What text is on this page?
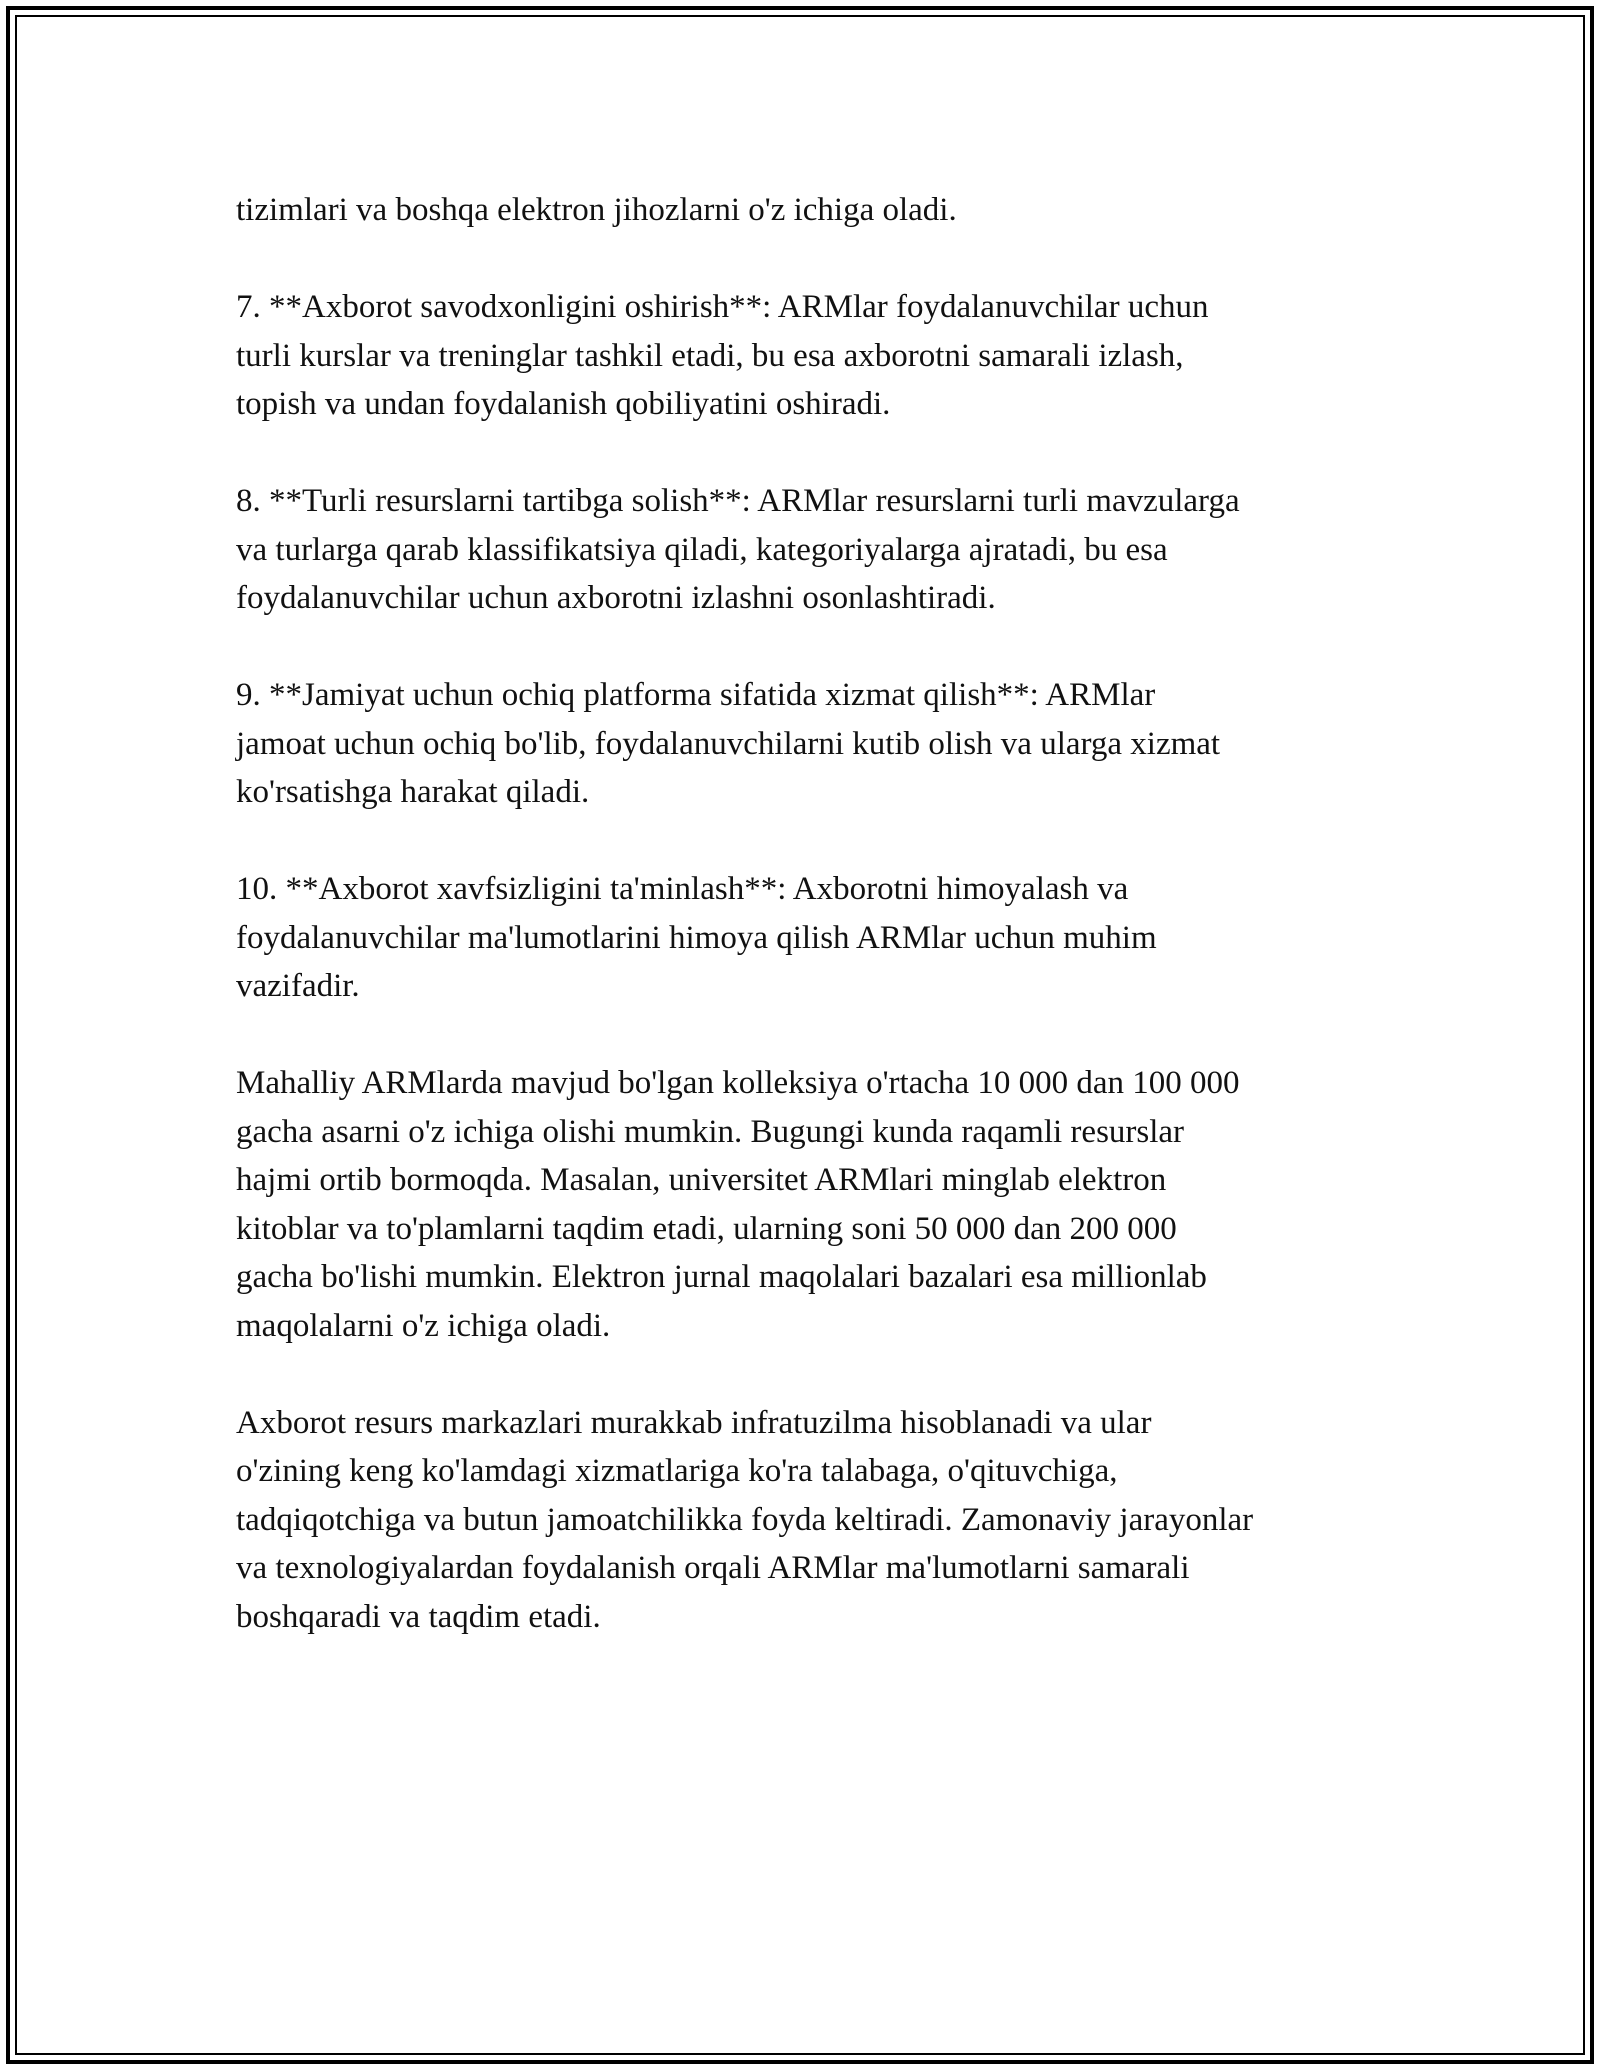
tizimlari va boshqa elektron jihozlarni o'z ichiga oladi.

7. **Axborot savodxonligini oshirish**: ARMlar foydalanuvchilar uchun
turli kurslar va treninglar tashkil etadi, bu esa axborotni samarali izlash,
topish va undan foydalanish qobiliyatini oshiradi.

8. **Turli resurslarni tartibga solish**: ARMlar resurslarni turli mavzularga
va turlarga qarab klassifikatsiya qiladi, kategoriyalarga ajratadi, bu esa
foydalanuvchilar uchun axborotni izlashni osonlashtiradi.

9. **Jamiyat uchun ochiq platforma sifatida xizmat qilish**: ARMlar
jamoat uchun ochiq bo'lib, foydalanuvchilarni kutib olish va ularga xizmat
ko'rsatishga harakat qiladi.

10. **Axborot xavfsizligini ta'minlash**: Axborotni himoyalash va
foydalanuvchilar ma'lumotlarini himoya qilish ARMlar uchun muhim
vazifadir.

Mahalliy ARMlarda mavjud bo'lgan kolleksiya o'rtacha 10 000 dan 100 000
gacha asarni o'z ichiga olishi mumkin. Bugungi kunda raqamli resurslar
hajmi ortib bormoqda. Masalan, universitet ARMlari minglab elektron
kitoblar va to'plamlarni taqdim etadi, ularning soni 50 000 dan 200 000
gacha bo'lishi mumkin. Elektron jurnal maqolalari bazalari esa millionlab
maqolalarni o'z ichiga oladi.

Axborot resurs markazlari murakkab infratuzilma hisoblanadi va ular
o'zining keng ko'lamdagi xizmatlariga ko'ra talabaga, o'qituvchiga,
tadqiqotchiga va butun jamoatchilikka foyda keltiradi. Zamonaviy jarayonlar
va texnologiyalardan foydalanish orqali ARMlar ma'lumotlarni samarali
boshqaradi va taqdim etadi.
